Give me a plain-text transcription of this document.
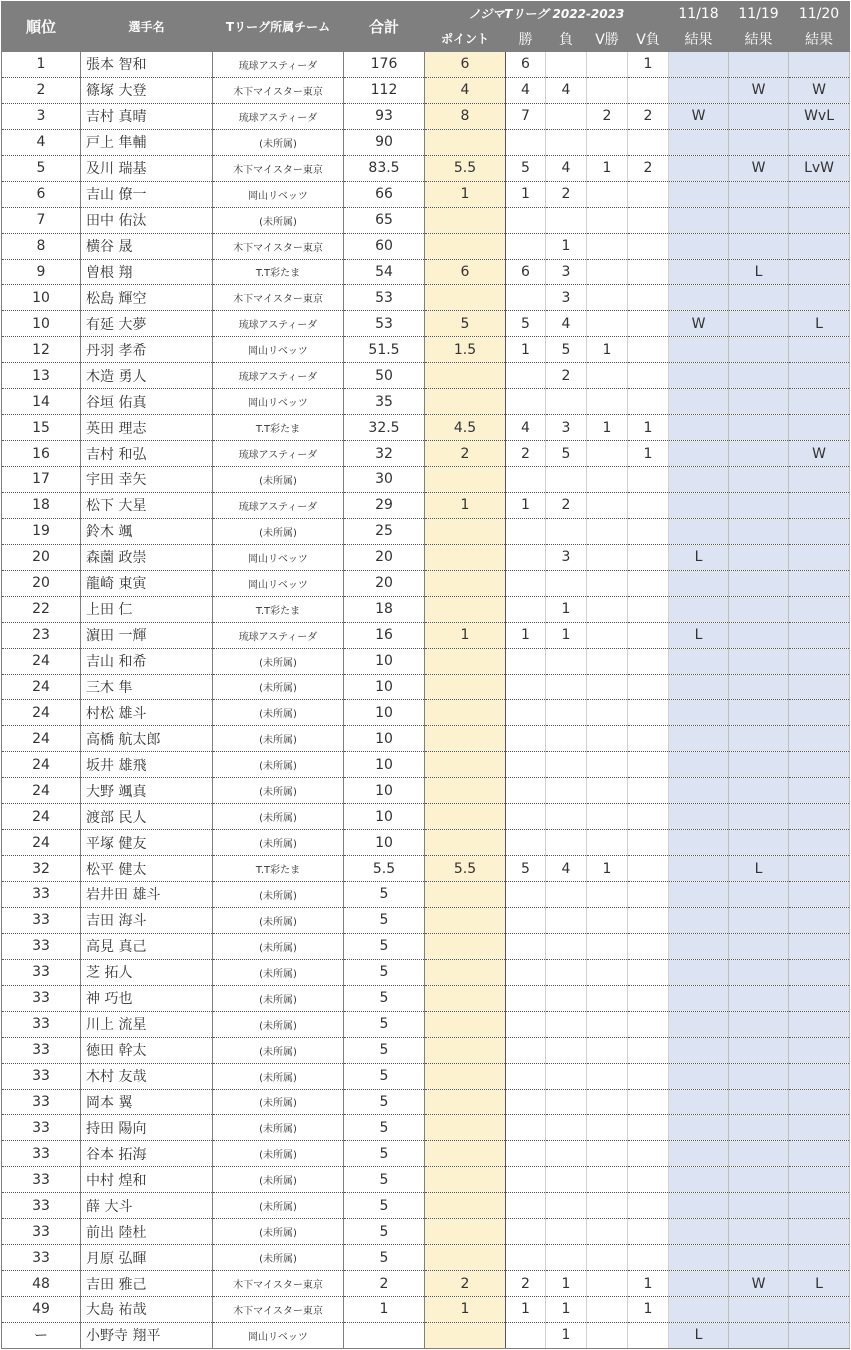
順位	選手名	Tリーグ所属チーム	合計	ノジマTリーグ 2022-2023					11/18	11/19	11/20
				ポイント	勝	負	V勝	V負	結果	結果	結果
1	張本 智和	琉球アスティーダ	176	6	6			1			
2	篠塚 大登	木下マイスター東京	112	4	4	4				W	W
3	吉村 真晴	琉球アスティーダ	93	8	7		2	2	W		WvL
4	戸上 隼輔	(未所属)	90								
5	及川 瑞基	木下マイスター東京	83.5	5.5	5	4	1	2		W	LvW
6	吉山 僚一	岡山リベッツ	66	1	1	2					
7	田中 佑汰	(未所属)	65								
8	横谷 晟	木下マイスター東京	60			1					
9	曽根 翔	T.T彩たま	54	6	6	3				L	
10	松島 輝空	木下マイスター東京	53			3					
10	有延 大夢	琉球アスティーダ	53	5	5	4			W		L
12	丹羽 孝希	岡山リベッツ	51.5	1.5	1	5	1				
13	木造 勇人	琉球アスティーダ	50			2					
14	谷垣 佑真	岡山リベッツ	35								
15	英田 理志	T.T彩たま	32.5	4.5	4	3	1	1			
16	吉村 和弘	琉球アスティーダ	32	2	2	5		1			W
17	宇田 幸矢	(未所属)	30								
18	松下 大星	琉球アスティーダ	29	1	1	2					
19	鈴木 颯	(未所属)	25								
20	森薗 政崇	岡山リベッツ	20			3			L		
20	龍崎 東寅	岡山リベッツ	20								
22	上田 仁	T.T彩たま	18			1					
23	濵田 一輝	琉球アスティーダ	16	1	1	1			L		
24	吉山 和希	(未所属)	10								
24	三木 隼	(未所属)	10								
24	村松 雄斗	(未所属)	10								
24	高橋 航太郎	(未所属)	10								
24	坂井 雄飛	(未所属)	10								
24	大野 颯真	(未所属)	10								
24	渡部 民人	(未所属)	10								
24	平塚 健友	(未所属)	10								
32	松平 健太	T.T彩たま	5.5	5.5	5	4	1			L	
33	岩井田 雄斗	(未所属)	5								
33	吉田 海斗	(未所属)	5								
33	高見 真己	(未所属)	5								
33	芝 拓人	(未所属)	5								
33	神 巧也	(未所属)	5								
33	川上 流星	(未所属)	5								
33	徳田 幹太	(未所属)	5								
33	木村 友哉	(未所属)	5								
33	岡本 翼	(未所属)	5								
33	持田 陽向	(未所属)	5								
33	谷本 拓海	(未所属)	5								
33	中村 煌和	(未所属)	5								
33	薛 大斗	(未所属)	5								
33	前出 陸杜	(未所属)	5								
33	月原 弘暉	(未所属)	5								
48	吉田 雅己	木下マイスター東京	2	2	2	1		1		W	L
49	大島 祐哉	木下マイスター東京	1	1	1	1		1			
ー	小野寺 翔平	岡山リベッツ				1			L		
